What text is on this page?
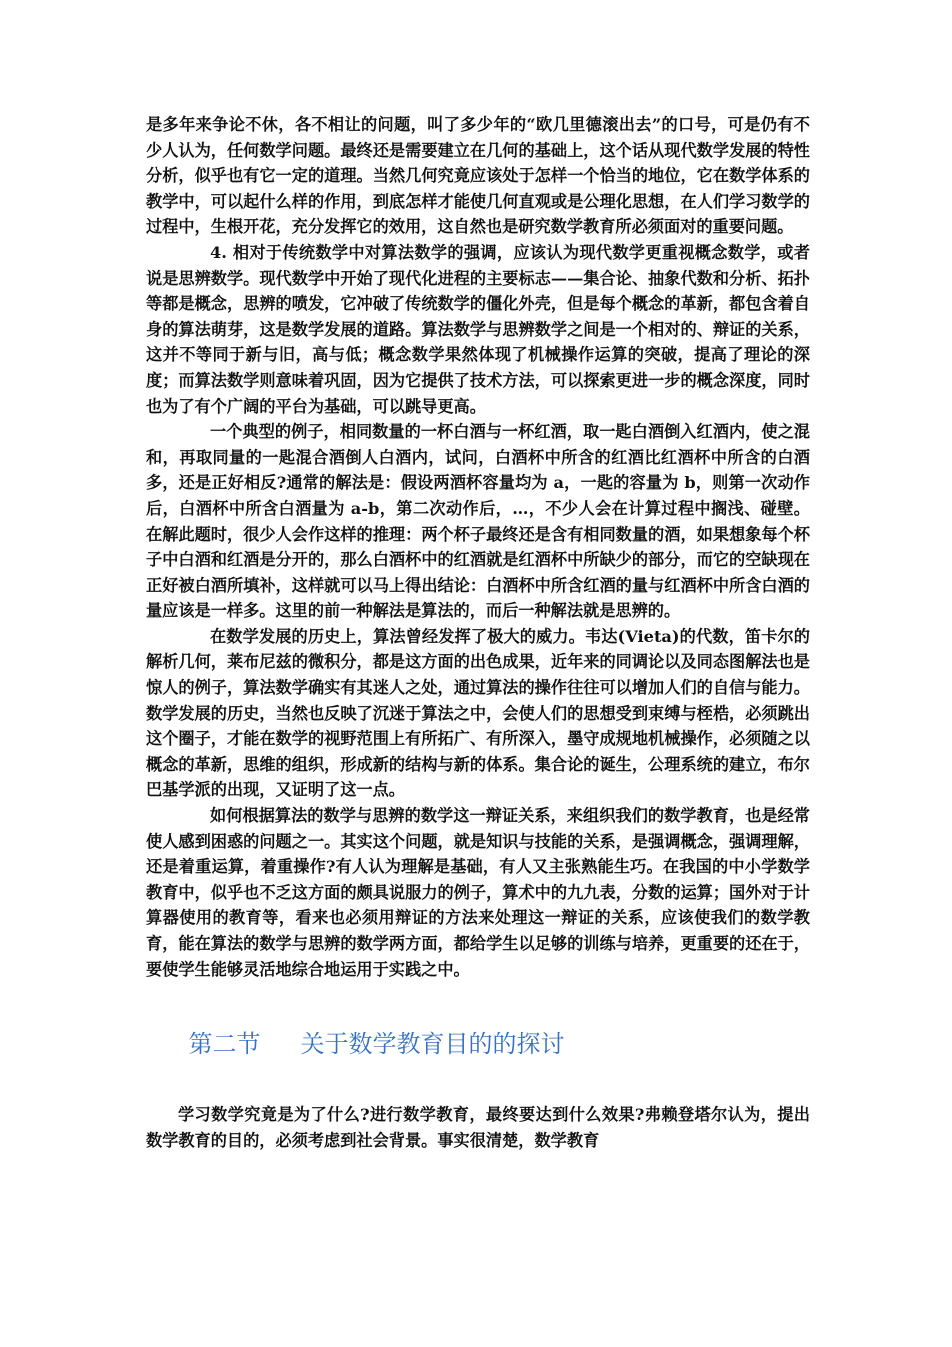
是多年来争论不休，各不相让的问题，叫了多少年的“欧几里德滚出去”的口号，可是仍有不少人认为，任何数学问题。最终还是需要建立在几何的基础上，这个话从现代数学发展的特性分析，似乎也有它一定的道理。当然几何究竟应该处于怎样一个恰当的地位，它在数学体系的教学中，可以起什么样的作用，到底怎样才能使几何直观或是公理化思想，在人们学习数学的过程中，生根开花，充分发挥它的效用，这自然也是研究数学教育所必须面对的重要问题。

4. 相对于传统数学中对算法数学的强调，应该认为现代数学更重视概念数学，或者说是思辨数学。现代数学中开始了现代化进程的主要标志——集合论、抽象代数和分析、拓扑等都是概念，思辨的喷发，它冲破了传统数学的僵化外壳，但是每个概念的革新，都包含着自身的算法萌芽，这是数学发展的道路。算法数学与思辨数学之间是一个相对的、辩证的关系，这并不等同于新与旧，高与低；概念数学果然体现了机械操作运算的突破，提高了理论的深度；而算法数学则意味着巩固，因为它提供了技术方法，可以探索更进一步的概念深度，同时也为了有个广阔的平台为基础，可以跳导更高。

一个典型的例子，相同数量的一杯白酒与一杯红酒，取一匙白酒倒入红酒内，使之混和，再取同量的一匙混合酒倒人白酒内，试问，白酒杯中所含的红酒比红酒杯中所含的白酒多，还是正好相反?通常的解法是：假设两酒杯容量均为 a，一匙的容量为 b，则第一次动作后，白酒杯中所含白酒量为 a-b，第二次动作后，…，不少人会在计算过程中搁浅、碰壁。在解此题时，很少人会作这样的推理：两个杯子最终还是含有相同数量的酒，如果想象每个杯子中白酒和红酒是分开的，那么白酒杯中的红酒就是红酒杯中所缺少的部分，而它的空缺现在正好被白酒所填补，这样就可以马上得出结论：白酒杯中所含红酒的量与红酒杯中所含白酒的量应该是一样多。这里的前一种解法是算法的，而后一种解法就是思辨的。

在数学发展的历史上，算法曾经发挥了极大的威力。韦达(Vieta)的代数，笛卡尔的解析几何，莱布尼兹的微积分，都是这方面的出色成果，近年来的同调论以及同态图解法也是惊人的例子，算法数学确实有其迷人之处，通过算法的操作往往可以增加人们的自信与能力。数学发展的历史，当然也反映了沉迷于算法之中，会使人们的思想受到束缚与桎梏，必须跳出这个圈子，才能在数学的视野范围上有所拓广、有所深入，墨守成规地机械操作，必须随之以概念的革新，思维的组织，形成新的结构与新的体系。集合论的诞生，公理系统的建立，布尔巴基学派的出现，又证明了这一点。

如何根据算法的数学与思辨的数学这一辩证关系，来组织我们的数学教育，也是经常使人感到困惑的问题之一。其实这个问题，就是知识与技能的关系，是强调概念，强调理解，还是着重运算，着重操作?有人认为理解是基础，有人又主张熟能生巧。在我国的中小学数学教育中，似乎也不乏这方面的颇具说服力的例子，算术中的九九表，分数的运算；国外对于计算器使用的教育等，看来也必须用辩证的方法来处理这一辩证的关系，应该使我们的数学教育，能在算法的数学与思辨的数学两方面，都给学生以足够的训练与培养，更重要的还在于，要使学生能够灵活地综合地运用于实践之中。

第二节 关于数学教育目的的探讨

学习数学究竟是为了什么?进行数学教育，最终要达到什么效果?弗赖登塔尔认为，提出数学教育的目的，必须考虑到社会背景。事实很清楚，数学教育
